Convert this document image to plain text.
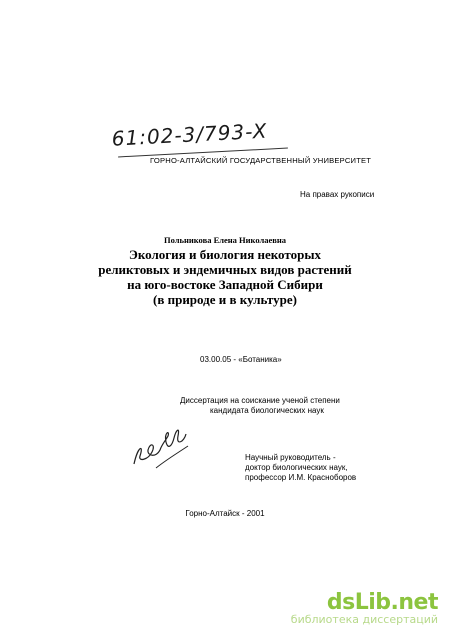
61:02-3/793-X
ГОРНО-АЛТАЙСКИЙ ГОСУДАРСТВЕННЫЙ УНИВЕРСИТЕТ
На правах рукописи
Польникова Елена Николаевна
Экология и биология некоторых
реликтовых и эндемичных видов растений
на юго-востоке Западной Сибири
(в природе и в культуре)
03.00.05 - «Ботаника»
Диссертация на соискание ученой степени
кандидата биологических наук
Научный руководитель -
доктор биологических наук,
профессор И.М. Красноборов
Горно-Алтайск - 2001
dsLib.net
библиотека диссертаций
